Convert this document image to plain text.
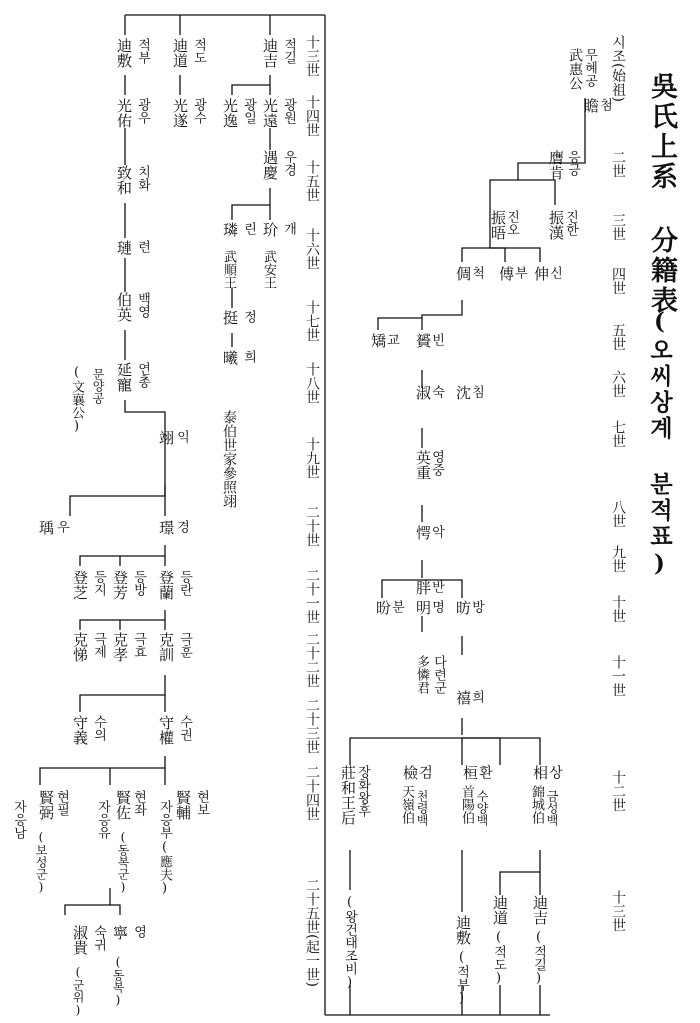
시조(始祖)
二世
三世
四世
五世
六世
七世
八世
九世
十世
十一世
十二世
十三世
十三世
十四世
十五世
十六世
十七世
十八世
十九世
二十世
二十一世
二十二世
二十三世
二十四世
二十五世(起一世)
吳氏上系 分籍表
(오씨상계 분적표)
武惠公 무혜공
瞻
첨
膺肯 응긍
振漢
진한
振晤
진오
伸
신
傅
부
倜
척
矯
교 贇
빈
沈
침
淑
숙
英重
영중
愕
악
胖
반
昉
방
明
명
昐
분
禧
희
多憐君 다련군
상
相
錦城伯 금성백
환
桓
首陽伯 수양백
검
檢
天嶺伯 천령백
莊和王后
장화왕후
(왕건태조비)	迪吉
(적길)
迪道
(적도)
迪敷
(적부)
迪吉 적길
迪道 적도
迪敷 적부
光遠 광원
光逸 광일
光遂 광수
光佑 광우
遇慶 우경
致和 치화
玠 개
武安王
璘 린
武順王
璉 련
挺 정
曦 희
泰伯世家參照翊
伯英 백영
延寵 연총
(文襄公) 문양공
翊 익
璟 경
瑀 우
登蘭 등란
登芳 등방
登芝 등지
克訓 극훈
克孝 극효
克悌 극제
守權 수권
守義 수의
賢輔 현보
자응부
(應夫)
賢佐 현좌
자응유
(동복군)
賢弼 현필
자응남
(보성군)
寧 영
(동복)
淑貴 숙귀
(군위)
